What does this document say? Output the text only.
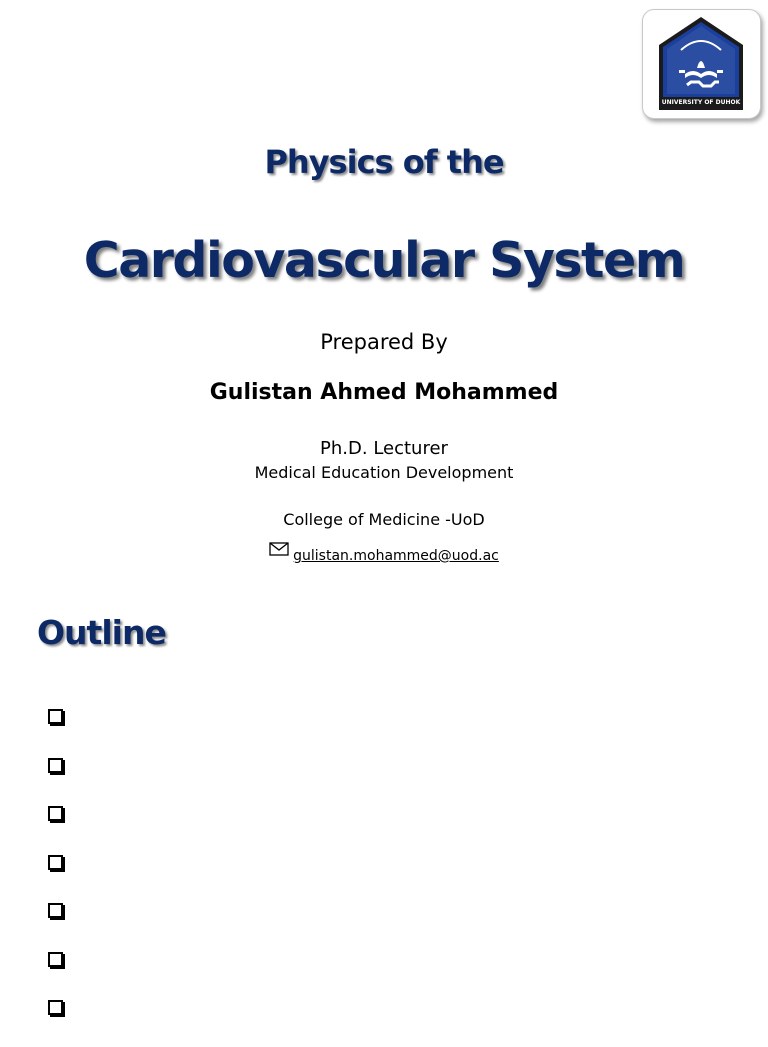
UNIVERSITY OF DUHOK
Physics of the
Cardiovascular System
Prepared By
Gulistan Ahmed Mohammed
Ph.D. Lecturer
Medical Education Development
College of Medicine -UoD
gulistan.mohammed@uod.ac
Outline
